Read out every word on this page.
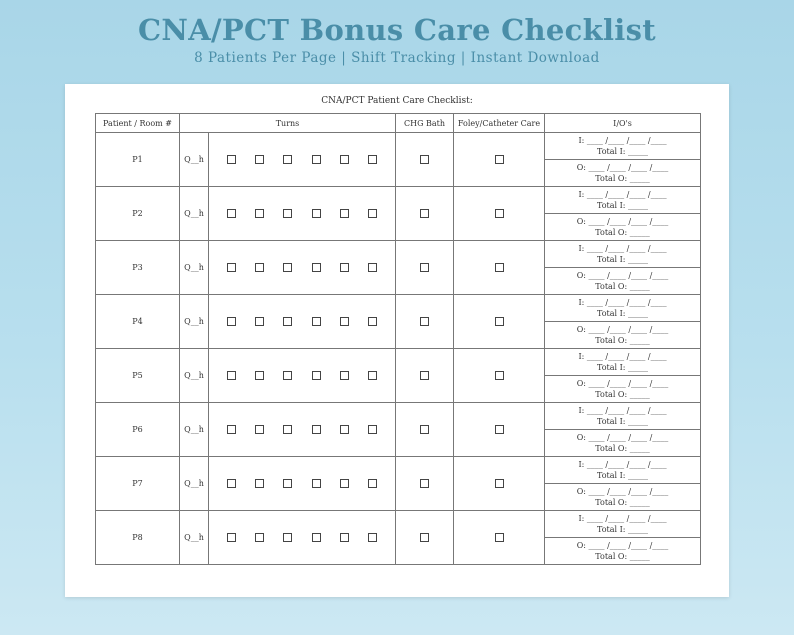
CNA/PCT Bonus Care Checklist
8 Patients Per Page | Shift Tracking | Instant Download
CNA/PCT Patient Care Checklist:
Patient / Room #	Turns		CHG Bath	Foley/Catheter Care	I/O's
P1	Q__h				I: ____ /____ /____ /____
Total I: _____
O: ____ /____ /____ /____
Total O: _____

P2	Q__h				I: ____ /____ /____ /____
Total I: _____
O: ____ /____ /____ /____
Total O: _____

P3	Q__h				I: ____ /____ /____ /____
Total I: _____
O: ____ /____ /____ /____
Total O: _____

P4	Q__h				I: ____ /____ /____ /____
Total I: _____
O: ____ /____ /____ /____
Total O: _____

P5	Q__h				I: ____ /____ /____ /____
Total I: _____
O: ____ /____ /____ /____
Total O: _____

P6	Q__h				I: ____ /____ /____ /____
Total I: _____
O: ____ /____ /____ /____
Total O: _____

P7	Q__h				I: ____ /____ /____ /____
Total I: _____
O: ____ /____ /____ /____
Total O: _____

P8	Q__h				I: ____ /____ /____ /____
Total I: _____
O: ____ /____ /____ /____
Total O: _____
